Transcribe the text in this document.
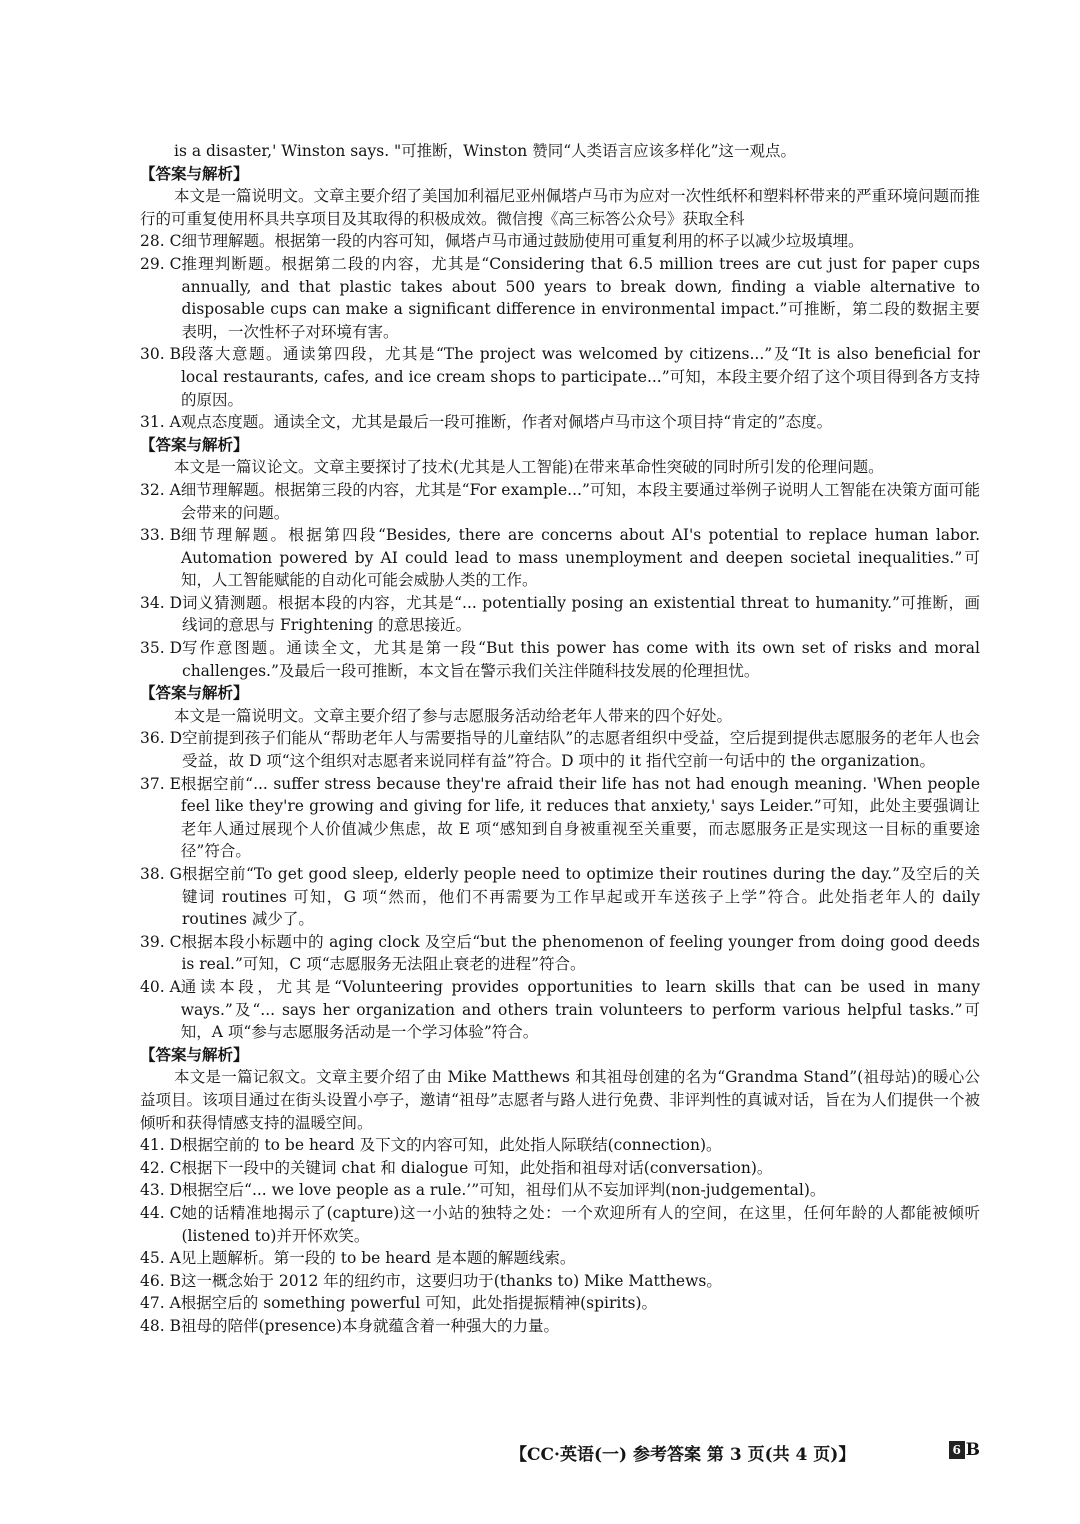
is a disaster,' Winston says. "可推断，Winston 赞同“人类语言应该多样化”这一观点。

【答案与解析】

本文是一篇说明文。文章主要介绍了美国加利福尼亚州佩塔卢马市为应对一次性纸杯和塑料杯带来的严重环境问题而推行的可重复使用杯具共享项目及其取得的积极成效。微信搜《高三标答公众号》获取全科

28. C 细节理解题。根据第一段的内容可知，佩塔卢马市通过鼓励使用可重复利用的杯子以减少垃圾填埋。
29. C 推理判断题。根据第二段的内容，尤其是“Considering that 6.5 million trees are cut just for paper cups annually, and that plastic takes about 500 years to break down, finding a viable alternative to disposable cups can make a significant difference in environmental impact.”可推断，第二段的数据主要表明，一次性杯子对环境有害。
30. B 段落大意题。通读第四段，尤其是“The project was welcomed by citizens...”及“It is also beneficial for local restaurants, cafes, and ice cream shops to participate...”可知，本段主要介绍了这个项目得到各方支持的原因。
31. A 观点态度题。通读全文，尤其是最后一段可推断，作者对佩塔卢马市这个项目持“肯定的”态度。

【答案与解析】

本文是一篇议论文。文章主要探讨了技术(尤其是人工智能)在带来革命性突破的同时所引发的伦理问题。

32. A 细节理解题。根据第三段的内容，尤其是“For example...”可知，本段主要通过举例子说明人工智能在决策方面可能会带来的问题。
33. B 细节理解题。根据第四段“Besides, there are concerns about AI's potential to replace human labor. Automation powered by AI could lead to mass unemployment and deepen societal inequalities.”可知，人工智能赋能的自动化可能会威胁人类的工作。
34. D 词义猜测题。根据本段的内容，尤其是“... potentially posing an existential threat to humanity.”可推断，画线词的意思与 Frightening 的意思接近。
35. D 写作意图题。通读全文，尤其是第一段“But this power has come with its own set of risks and moral challenges.”及最后一段可推断，本文旨在警示我们关注伴随科技发展的伦理担忧。

【答案与解析】

本文是一篇说明文。文章主要介绍了参与志愿服务活动给老年人带来的四个好处。

36. D 空前提到孩子们能从“帮助老年人与需要指导的儿童结队”的志愿者组织中受益，空后提到提供志愿服务的老年人也会受益，故 D 项“这个组织对志愿者来说同样有益”符合。D 项中的 it 指代空前一句话中的 the organization。
37. E 根据空前“... suffer stress because they're afraid their life has not had enough meaning. 'When people feel like they're growing and giving for life, it reduces that anxiety,' says Leider.”可知，此处主要强调让老年人通过展现个人价值减少焦虑，故 E 项“感知到自身被重视至关重要，而志愿服务正是实现这一目标的重要途径”符合。
38. G 根据空前“To get good sleep, elderly people need to optimize their routines during the day.”及空后的关键词 routines 可知，G 项“然而，他们不再需要为工作早起或开车送孩子上学”符合。此处指老年人的 daily routines 减少了。
39. C 根据本段小标题中的 aging clock 及空后“but the phenomenon of feeling younger from doing good deeds is real.”可知，C 项“志愿服务无法阻止衰老的进程”符合。
40. A 通读本段，尤其是“Volunteering provides opportunities to learn skills that can be used in many ways.”及“... says her organization and others train volunteers to perform various helpful tasks.”可知，A 项“参与志愿服务活动是一个学习体验”符合。

【答案与解析】

本文是一篇记叙文。文章主要介绍了由 Mike Matthews 和其祖母创建的名为“Grandma Stand”(祖母站)的暖心公益项目。该项目通过在街头设置小亭子，邀请“祖母”志愿者与路人进行免费、非评判性的真诚对话，旨在为人们提供一个被倾听和获得情感支持的温暖空间。

41. D 根据空前的 to be heard 及下文的内容可知，此处指人际联结(connection)。
42. C 根据下一段中的关键词 chat 和 dialogue 可知，此处指和祖母对话(conversation)。
43. D 根据空后“... we love people as a rule.’”可知，祖母们从不妄加评判(non-judgemental)。
44. C 她的话精准地揭示了(capture)这一小站的独特之处：一个欢迎所有人的空间，在这里，任何年龄的人都能被倾听(listened to)并开怀欢笑。
45. A 见上题解析。第一段的 to be heard 是本题的解题线索。
46. B 这一概念始于 2012 年的纽约市，这要归功于(thanks to) Mike Matthews。
47. A 根据空后的 something powerful 可知，此处指提振精神(spirits)。
48. B 祖母的陪伴(presence)本身就蕴含着一种强大的力量。
【CC·英语(一) 参考答案 第 3 页(共 4 页)】	6 B
